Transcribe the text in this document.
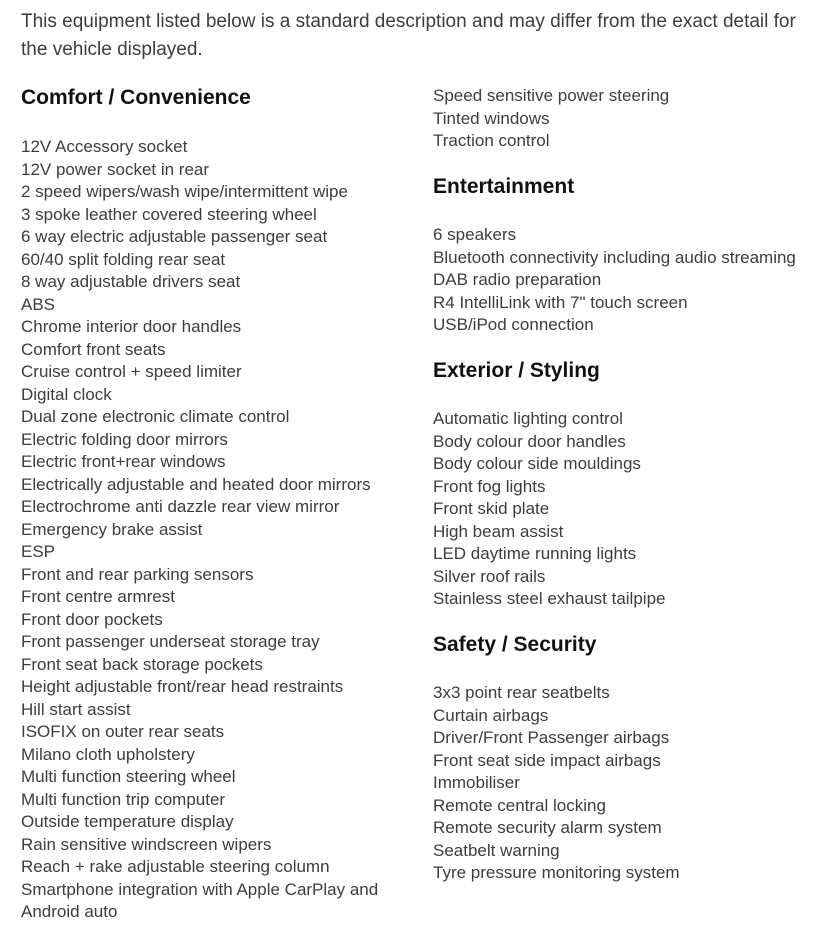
This equipment listed below is a standard description and may differ from the exact detail for the vehicle displayed.

Comfort / Convenience
12V Accessory socket
12V power socket in rear
2 speed wipers/wash wipe/intermittent wipe
3 spoke leather covered steering wheel
6 way electric adjustable passenger seat
60/40 split folding rear seat
8 way adjustable drivers seat
ABS
Chrome interior door handles
Comfort front seats
Cruise control + speed limiter
Digital clock
Dual zone electronic climate control
Electric folding door mirrors
Electric front+rear windows
Electrically adjustable and heated door mirrors
Electrochrome anti dazzle rear view mirror
Emergency brake assist
ESP
Front and rear parking sensors
Front centre armrest
Front door pockets
Front passenger underseat storage tray
Front seat back storage pockets
Height adjustable front/rear head restraints
Hill start assist
ISOFIX on outer rear seats
Milano cloth upholstery
Multi function steering wheel
Multi function trip computer
Outside temperature display
Rain sensitive windscreen wipers
Reach + rake adjustable steering column
Smartphone integration with Apple CarPlay and Android auto
Speed sensitive power steering
Tinted windows
Traction control
Entertainment
6 speakers
Bluetooth connectivity including audio streaming
DAB radio preparation
R4 IntelliLink with 7" touch screen
USB/iPod connection
Exterior / Styling
Automatic lighting control
Body colour door handles
Body colour side mouldings
Front fog lights
Front skid plate
High beam assist
LED daytime running lights
Silver roof rails
Stainless steel exhaust tailpipe
Safety / Security
3x3 point rear seatbelts
Curtain airbags
Driver/Front Passenger airbags
Front seat side impact airbags
Immobiliser
Remote central locking
Remote security alarm system
Seatbelt warning
Tyre pressure monitoring system
